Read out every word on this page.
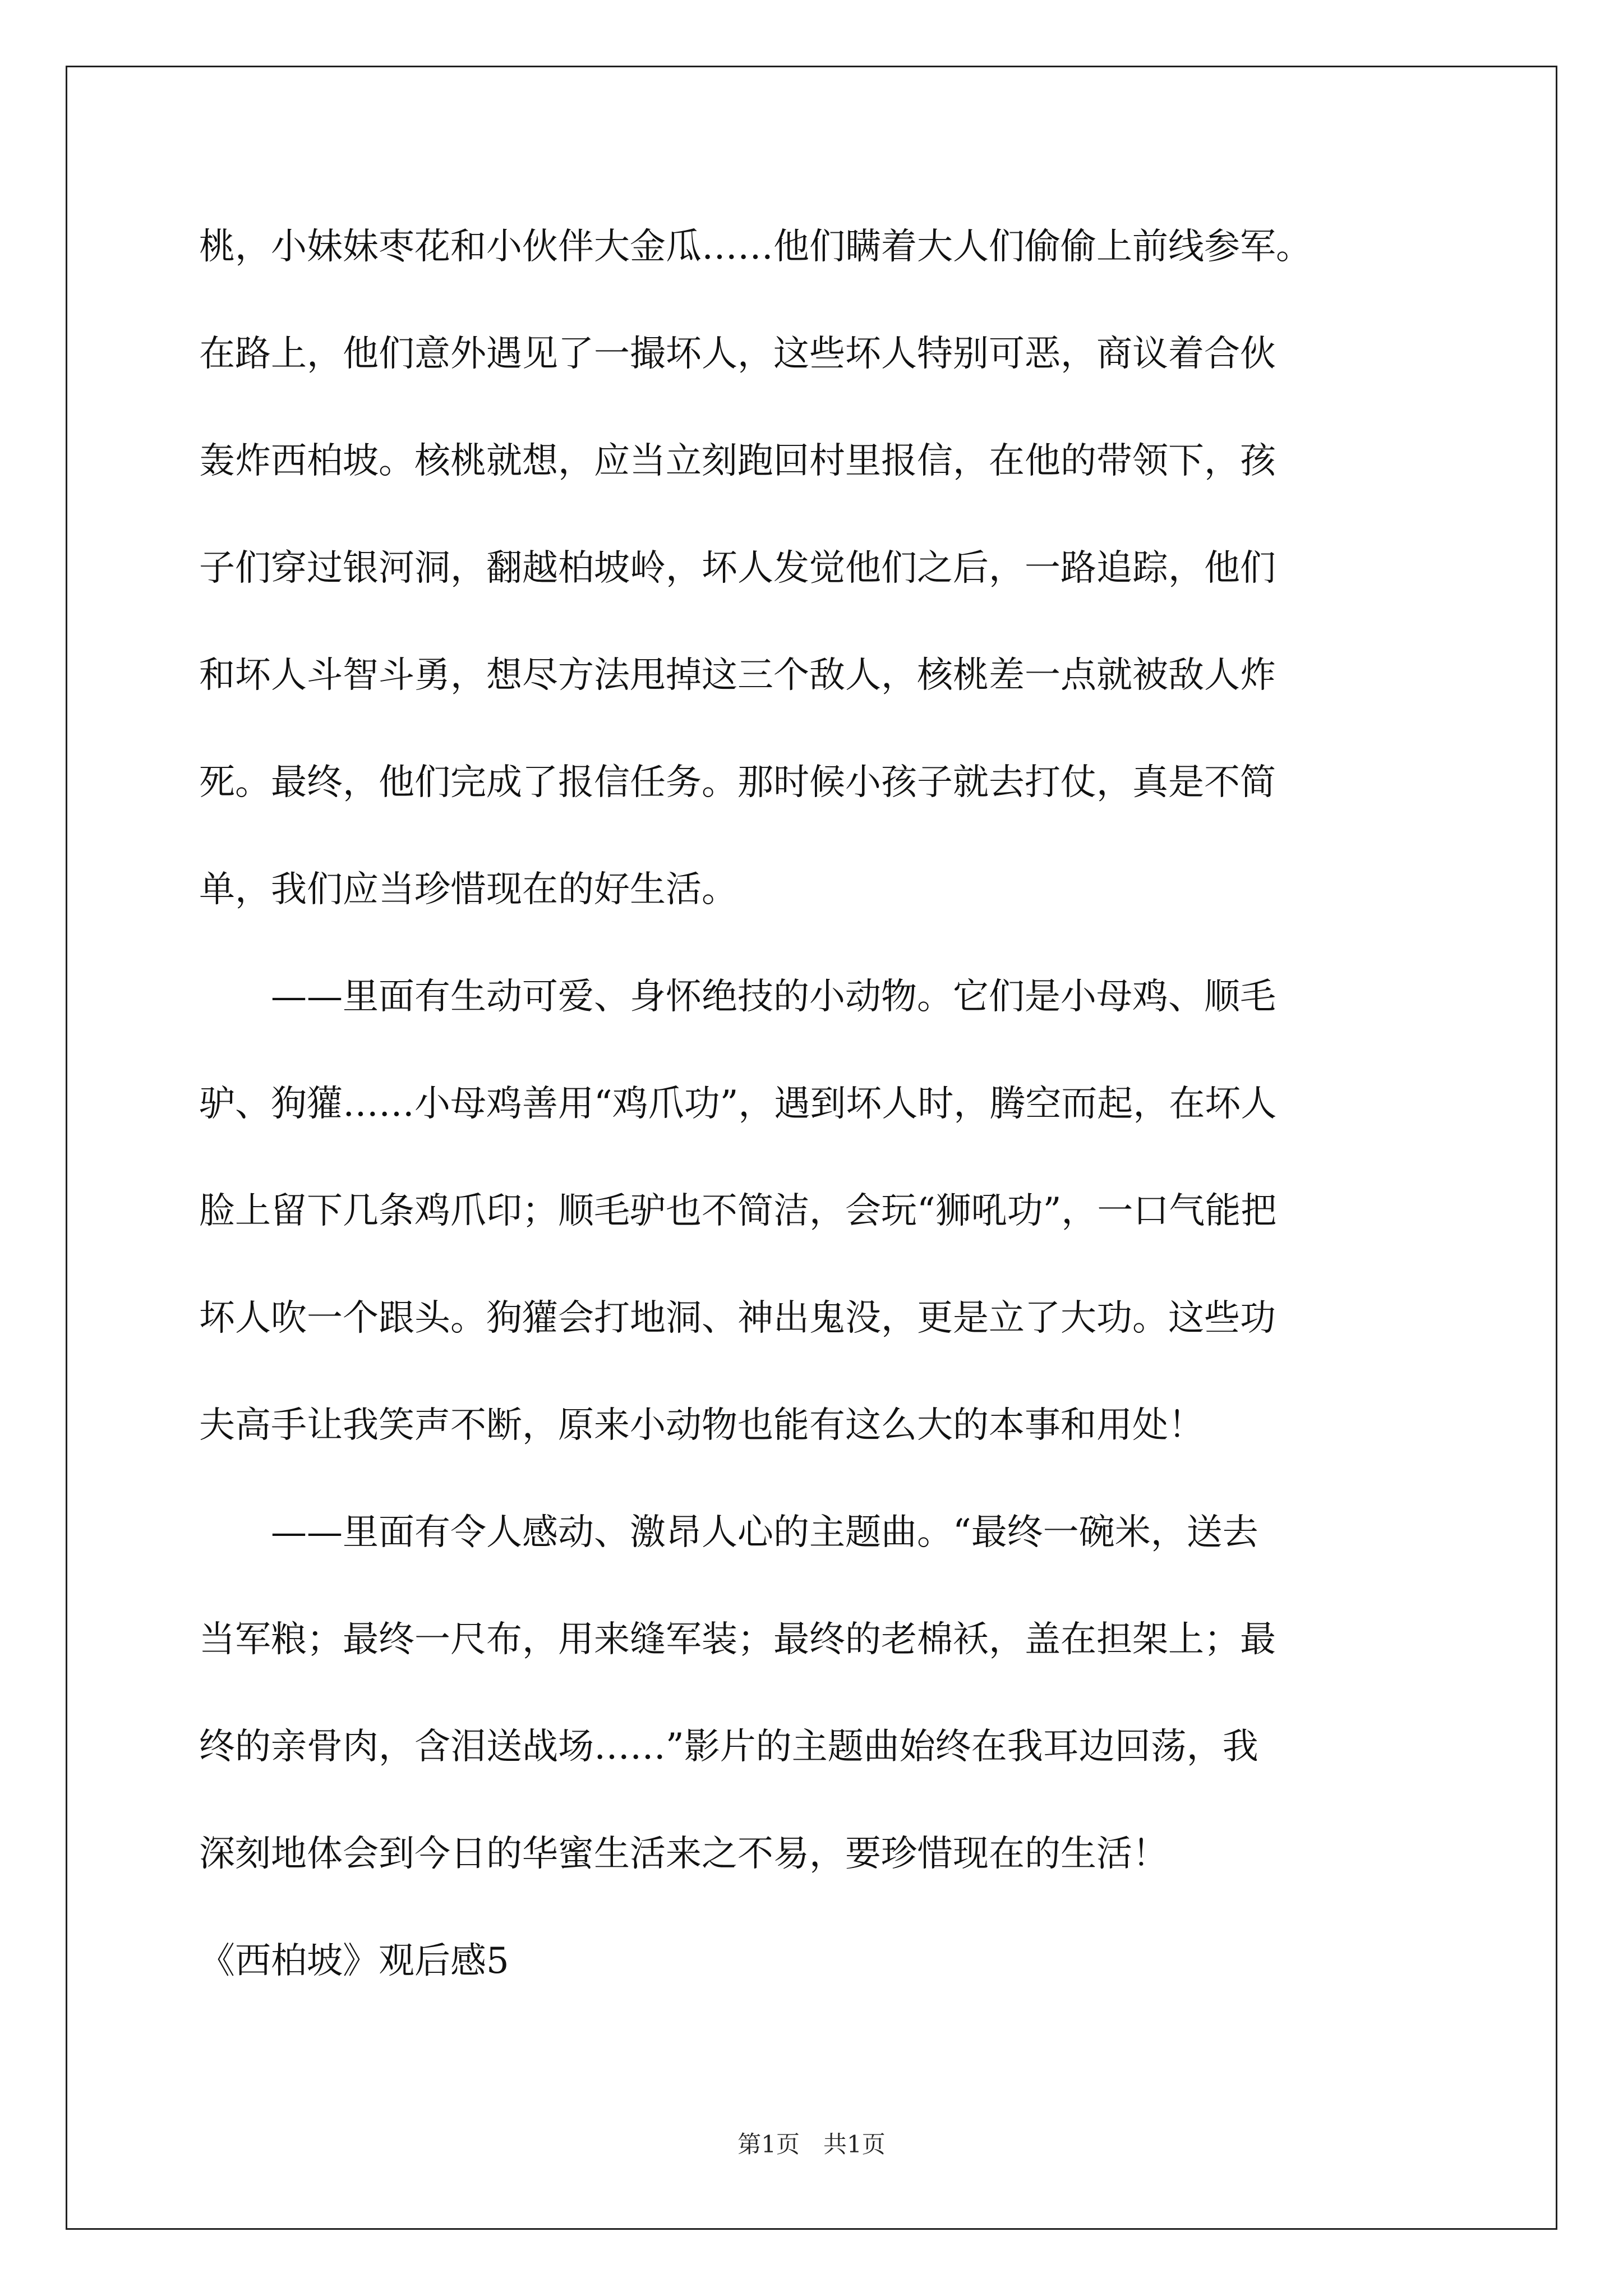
桃，小妹妹枣花和小伙伴大金瓜……他们瞒着大人们偷偷上前线参军。
在路上，他们意外遇见了一撮坏人，这些坏人特别可恶，商议着合伙
轰炸西柏坡。核桃就想，应当立刻跑回村里报信，在他的带领下，孩
子们穿过银河洞，翻越柏坡岭，坏人发觉他们之后，一路追踪，他们
和坏人斗智斗勇，想尽方法甩掉这三个敌人，核桃差一点就被敌人炸
死。最终，他们完成了报信任务。那时候小孩子就去打仗，真是不简
单，我们应当珍惜现在的好生活。
——里面有生动可爱、身怀绝技的小动物。它们是小母鸡、顺毛
驴、狗獾……小母鸡善用“鸡爪功”，遇到坏人时，腾空而起，在坏人
脸上留下几条鸡爪印；顺毛驴也不简洁，会玩“狮吼功”，一口气能把
坏人吹一个跟头。狗獾会打地洞、神出鬼没，更是立了大功。这些功
夫高手让我笑声不断，原来小动物也能有这么大的本事和用处！
——里面有令人感动、激昂人心的主题曲。“最终一碗米，送去
当军粮；最终一尺布，用来缝军装；最终的老棉袄，盖在担架上；最
终的亲骨肉，含泪送战场……”影片的主题曲始终在我耳边回荡，我
深刻地体会到今日的华蜜生活来之不易，要珍惜现在的生活！
《西柏坡》观后感5
第1页　共1页
